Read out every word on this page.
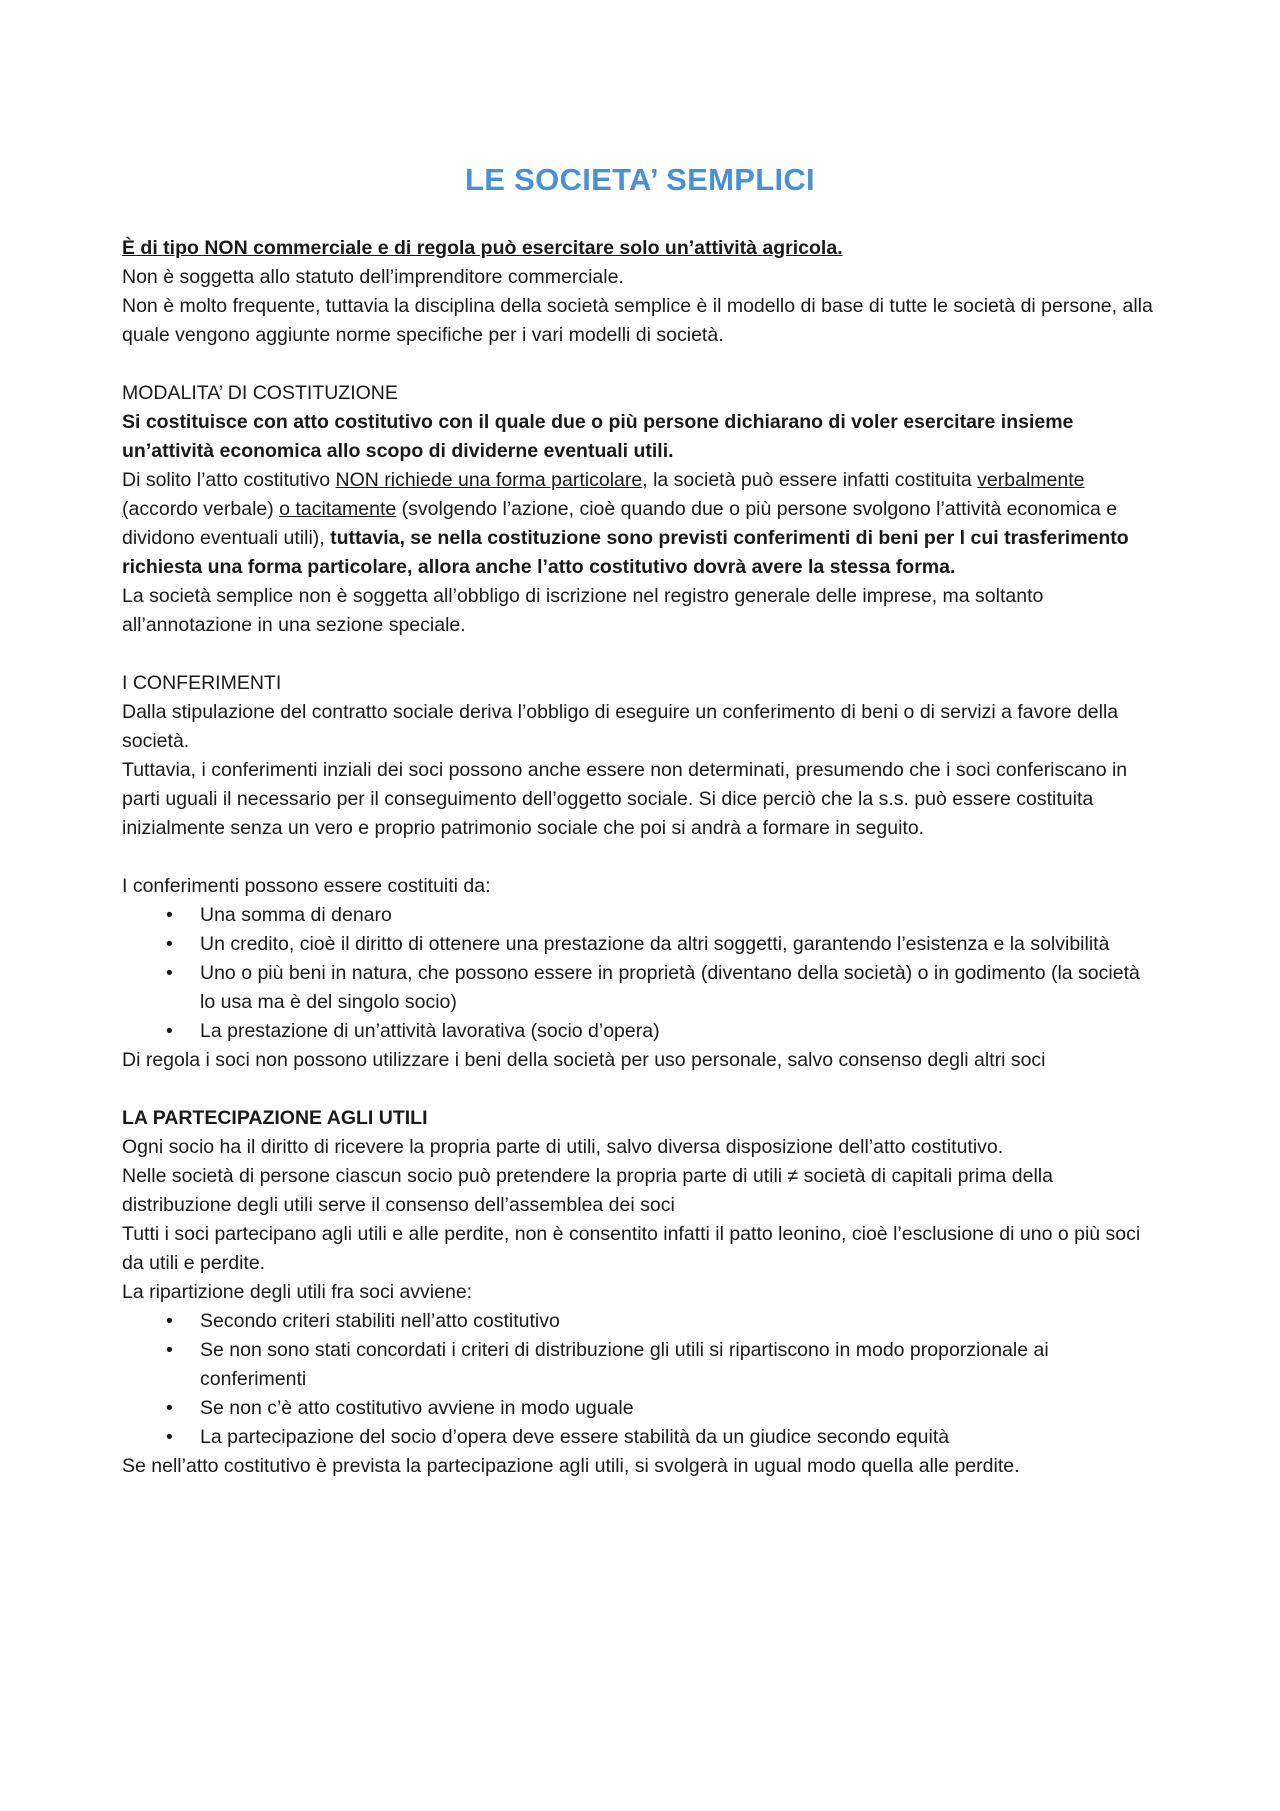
LE SOCIETA’ SEMPLICI

È di tipo NON commerciale e di regola può esercitare solo un’attività agricola.

Non è soggetta allo statuto dell’imprenditore commerciale.

Non è molto frequente, tuttavia la disciplina della società semplice è il modello di base di tutte le società di persone, alla quale vengono aggiunte norme specifiche per i vari modelli di società.

MODALITA’ DI COSTITUZIONE

Si costituisce con atto costitutivo con il quale due o più persone dichiarano di voler esercitare insieme un’attività economica allo scopo di dividerne eventuali utili.

Di solito l’atto costitutivo NON richiede una forma particolare, la società può essere infatti costituita verbalmente (accordo verbale) o tacitamente (svolgendo l’azione, cioè quando due o più persone svolgono l’attività economica e dividono eventuali utili), tuttavia, se nella costituzione sono previsti conferimenti di beni per l cui trasferimento richiesta una forma particolare, allora anche l’atto costitutivo dovrà avere la stessa forma.

La società semplice non è soggetta all’obbligo di iscrizione nel registro generale delle imprese, ma soltanto all’annotazione in una sezione speciale.

I CONFERIMENTI

Dalla stipulazione del contratto sociale deriva l’obbligo di eseguire un conferimento di beni o di servizi a favore della società.

Tuttavia, i conferimenti inziali dei soci possono anche essere non determinati, presumendo che i soci conferiscano in parti uguali il necessario per il conseguimento dell’oggetto sociale. Si dice perciò che la s.s. può essere costituita inizialmente senza un vero e proprio patrimonio sociale che poi si andrà a formare in seguito.

I conferimenti possono essere costituiti da:

• Una somma di denaro
• Un credito, cioè il diritto di ottenere una prestazione da altri soggetti, garantendo l’esistenza e la solvibilità
• Uno o più beni in natura, che possono essere in proprietà (diventano della società) o in godimento (la società lo usa ma è del singolo socio)
• La prestazione di un’attività lavorativa (socio d’opera)

Di regola i soci non possono utilizzare i beni della società per uso personale, salvo consenso degli altri soci

LA PARTECIPAZIONE AGLI UTILI

Ogni socio ha il diritto di ricevere la propria parte di utili, salvo diversa disposizione dell’atto costitutivo.

Nelle società di persone ciascun socio può pretendere la propria parte di utili ≠ società di capitali prima della distribuzione degli utili serve il consenso dell’assemblea dei soci

Tutti i soci partecipano agli utili e alle perdite, non è consentito infatti il patto leonino, cioè l’esclusione di uno o più soci da utili e perdite.

La ripartizione degli utili fra soci avviene:

• Secondo criteri stabiliti nell’atto costitutivo
• Se non sono stati concordati i criteri di distribuzione gli utili si ripartiscono in modo proporzionale ai conferimenti
• Se non c’è atto costitutivo avviene in modo uguale
• La partecipazione del socio d’opera deve essere stabilità da un giudice secondo equità

Se nell’atto costitutivo è prevista la partecipazione agli utili, si svolgerà in ugual modo quella alle perdite.
